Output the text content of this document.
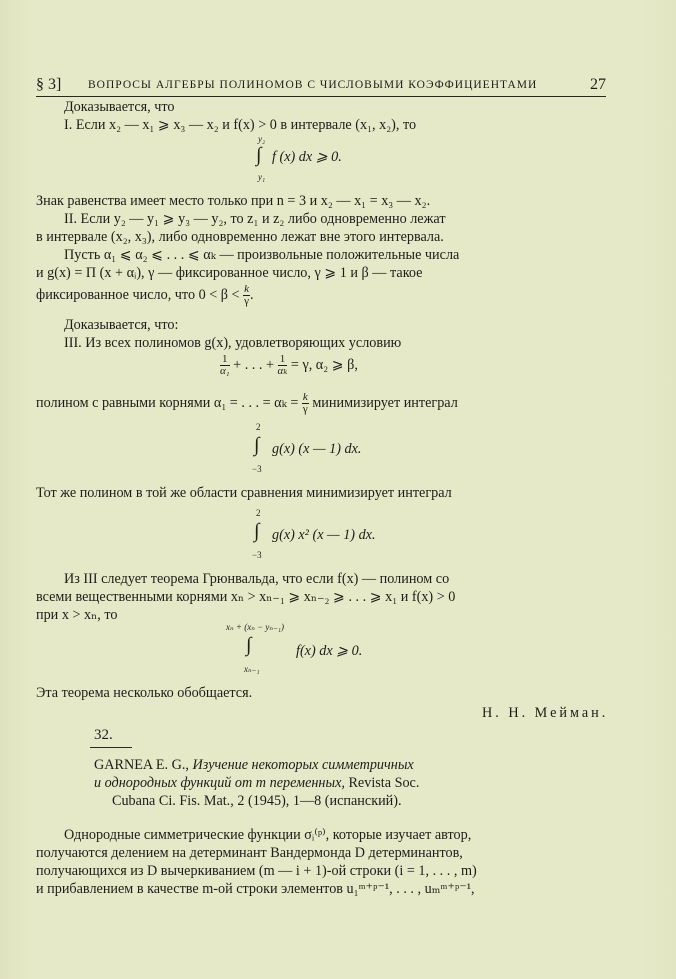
§ 3] ВОПРОСЫ АЛГЕБРЫ ПОЛИНОМОВ С ЧИСЛОВЫМИ КОЭФФИЦИЕНТАМИ	27
Доказывается, что
I. Если x₂ — x₁ ⩾ x₃ — x₂ и f(x) > 0 в интервале (x₁, x₂), то
y₂
∫
y₁
f (x) dx ⩾ 0.
Знак равенства имеет место только при n = 3 и x₂ — x₁ = x₃ — x₂.
II. Если y₂ — y₁ ⩾ y₃ — y₂, то z₁ и z₂ либо одновременно лежат
в интервале (x₂, x₃), либо одновременно лежат вне этого интервала.
Пусть α₁ ⩽ α₂ ⩽ . . . ⩽ αₖ — произвольные положительные числа
и g(x) = Π (x + αᵢ), γ — фиксированное число, γ ⩾ 1 и β — такое
фиксированное число, что $0 < \beta < \frac{k}{\gamma}$ .
Доказывается, что:
III. Из всех полиномов g(x), удовлетворяющих условию
$\frac{1}{\text{α₁}}$ + . . . + $\frac{1}{\text{αₖ}} = \gamma$, α₂ ⩾ β,
полином с равными корнями α₁ = . . . = $\alpha_k = \frac{k}{\gamma}$ минимизирует интеграл
2
∫
−3
g(x) (x — 1) dx.
Тот же полином в той же области сравнения минимизирует интеграл
2
∫
−3
g(x) x² (x — 1) dx.
Из III следует теорема Грюнвальда, что если f(x) — полином со
всеми вещественными корнями xₙ > xₙ₋₁ ⩾ xₙ₋₂ ⩾ . . . ⩾ x₁ и f(x) > 0
при x > xₙ, то
xₙ + (xₙ − yₙ₋₁)
∫
xₙ₋₁
f(x) dx ⩾ 0.
Эта теорема несколько обобщается.
Н. Н. Мейман.
32.
GARNEA E. G., Изучение некоторых симметричных
и однородных функций от m переменных, Revista Soc.
Cubana Ci. Fis. Mat., 2 (1945), 1—8 (испанский).
Однородные симметрические функции σᵢ⁽ᵖ⁾, которые изучает автор,
получаются делением на детерминант Вандермонда D детерминантов,
получающихся из D вычеркиванием (m — i + 1)-ой строки (i = 1, . . . , m)
и прибавлением в качестве m-ой строки элементов u₁ᵐ⁺ᵖ⁻¹, . . . , uₘᵐ⁺ᵖ⁻¹,
